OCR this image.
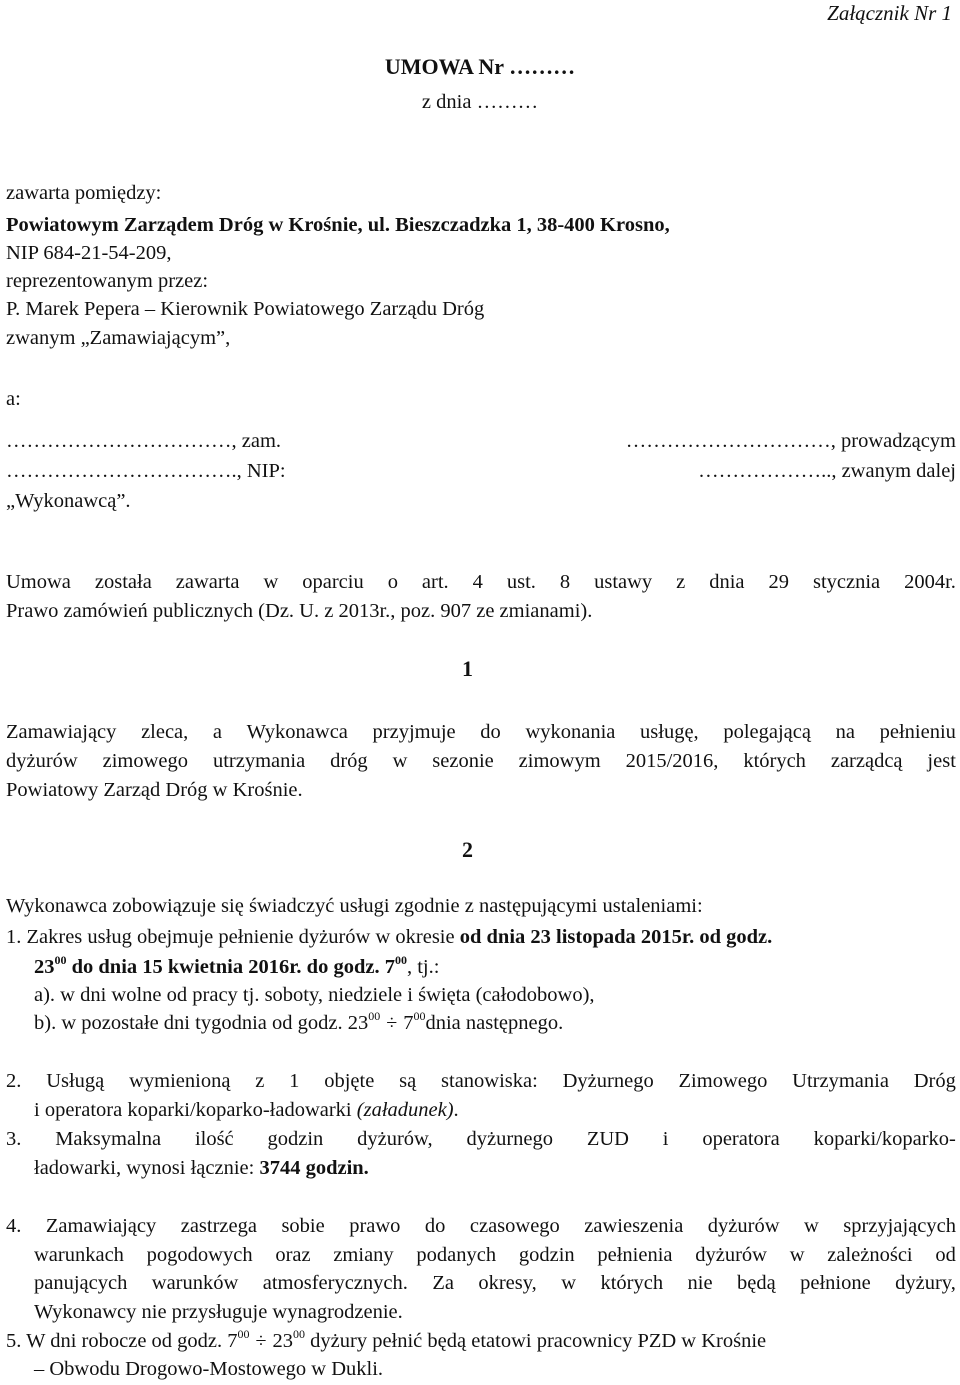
Załącznik Nr 1
UMOWA Nr ………
z dnia ………
zawarta pomiędzy:
Powiatowym Zarządem Dróg w Krośnie, ul. Bieszczadzka 1, 38-400 Krosno,
NIP 684-21-54-209,
reprezentowanym przez:
P. Marek Pepera – Kierownik Powiatowego Zarządu Dróg
zwanym „Zamawiającym”,
a:
……………………………, zam.	…………………………, prowadzącym
……………………………., NIP:	……………….., zwanym dalej
„Wykonawcą”.
Umowa została zawarta w oparciu o art. 4 ust. 8 ustawy z dnia 29 stycznia 2004r.
Prawo zamówień publicznych (Dz. U. z 2013r., poz. 907 ze zmianami).
1
Zamawiający zleca, a Wykonawca przyjmuje do wykonania usługę, polegającą na pełnieniu
dyżurów zimowego utrzymania dróg w sezonie zimowym 2015/2016, których zarządcą jest
Powiatowy Zarząd Dróg w Krośnie.
2
Wykonawca zobowiązuje się świadczyć usługi zgodnie z następującymi ustaleniami:
1. Zakres usług obejmuje pełnienie dyżurów w okresie od dnia 23 listopada 2015r. od godz.
$23^{00}$ do dnia 15 kwietnia 2016r. do godz. $7^{00}$, tj.:
a). w dni wolne od pracy tj. soboty, niedziele i święta (całodobowo),
b). w pozostałe dni tygodnia od godz. $23^{00}$ ÷ $7^{00}dnia$ następnego.
2. Usługą wymienioną z 1 objęte są stanowiska: Dyżurnego Zimowego Utrzymania Dróg
i operatora koparki/koparko-ładowarki (załadunek).
3. Maksymalna ilość godzin dyżurów, dyżurnego ZUD i operatora koparki/koparko-
ładowarki, wynosi łącznie: 3744 godzin.
4. Zamawiający zastrzega sobie prawo do czasowego zawieszenia dyżurów w sprzyjających
warunkach pogodowych oraz zmiany podanych godzin pełnienia dyżurów w zależności od
panujących warunków atmosferycznych. Za okresy, w których nie będą pełnione dyżury,
Wykonawcy nie przysługuje wynagrodzenie.
5. W dni robocze od godz. $7^{00} \div 23^{00}$ dyżury pełnić będą etatowi pracownicy PZD w Krośnie
– Obwodu Drogowo-Mostowego w Dukli.
